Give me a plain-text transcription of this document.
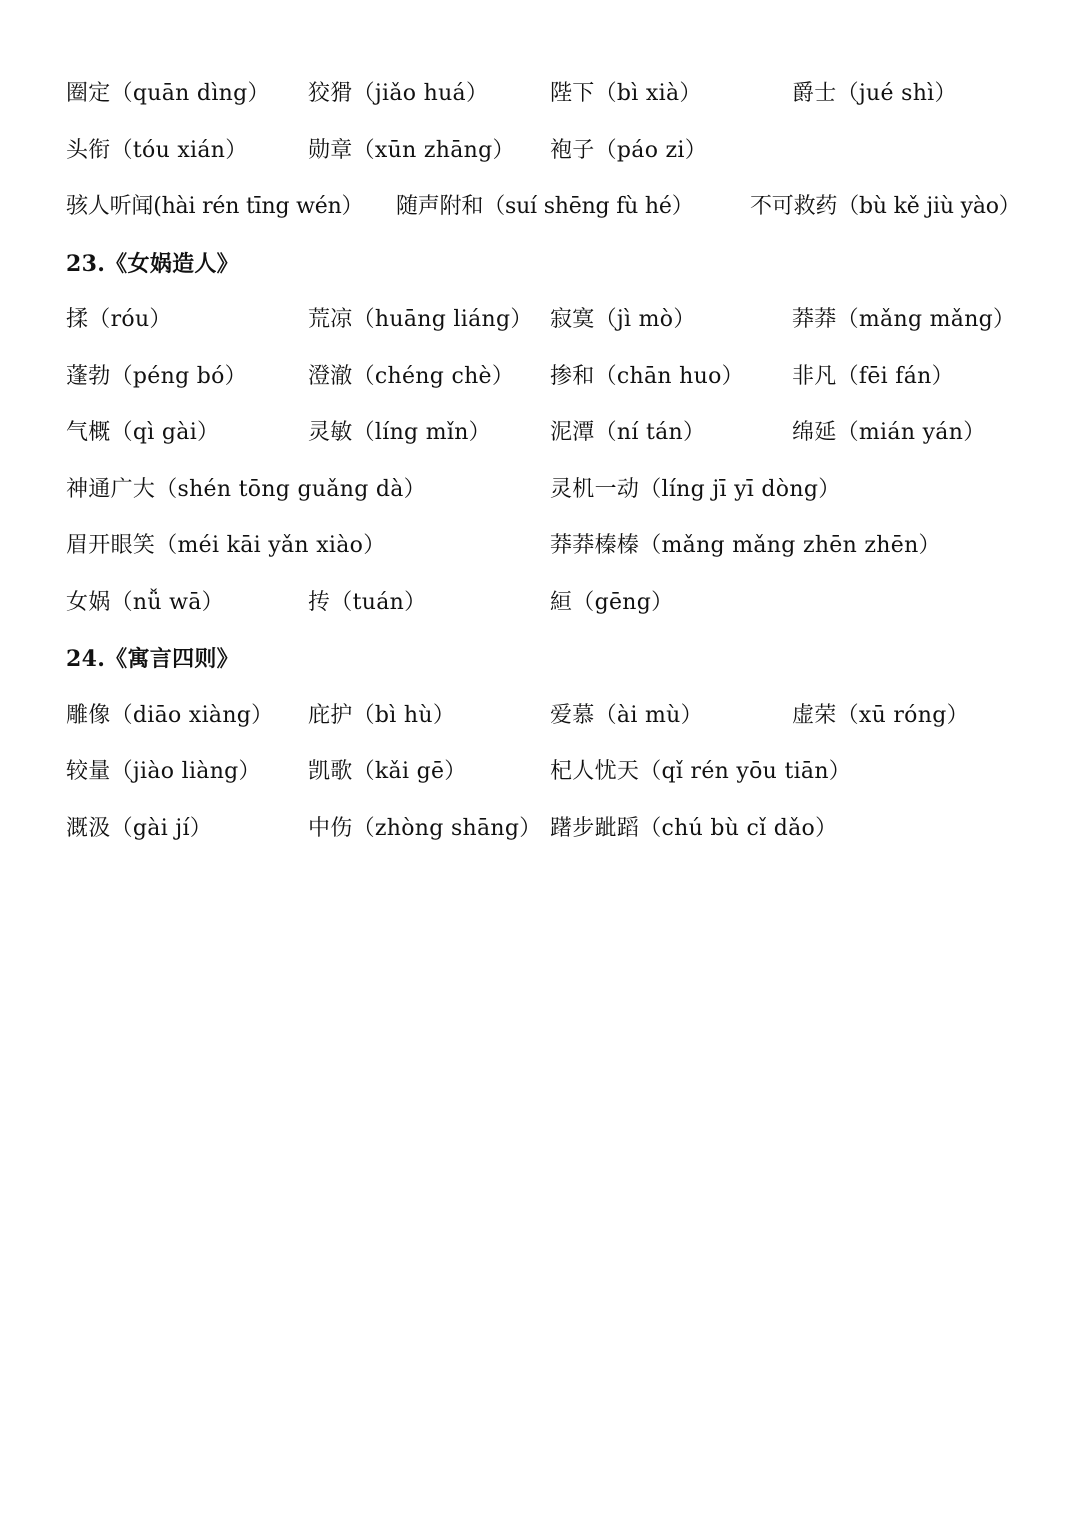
圈定（quān dìng） 狡猾（jiǎo huá）	陛下（bì xià）	爵士（jué shì）
头衔（tóu xián）	勋章（xūn zhāng） 袍子（páo zi）
骇人听闻(hài rén tīng wén） 随声附和（suí shēng fù hé）	不可救药（bù kě jiù yào）
23.《女娲造人》
揉（róu）	荒凉（huāng liáng） 寂寞（jì mò）	莽莽（mǎng mǎng）
蓬勃（péng bó）	澄澈（chéng chè） 掺和（chān huo） 非凡（fēi fán）
气概（qì gài）	灵敏（líng mǐn）	泥潭（ní tán）	绵延（mián yán）
神通广大（shén tōng guǎng dà）	灵机一动（líng jī yī dòng）
眉开眼笑（méi kāi yǎn xiào）	莽莽榛榛（mǎng mǎng zhēn zhēn）
女娲（nǚ wā）	抟（tuán）	絙（gēng）
24.《寓言四则》
雕像（diāo xiàng） 庇护（bì hù）	爱慕（ài mù）	虚荣（xū róng）
较量（jiào liàng） 凯歌（kǎi gē）	杞人忧天（qǐ rén yōu tiān）
溉汲（gài jí）	中伤（zhòng shāng） 躇步跐蹈（chú bù cǐ dǎo）
